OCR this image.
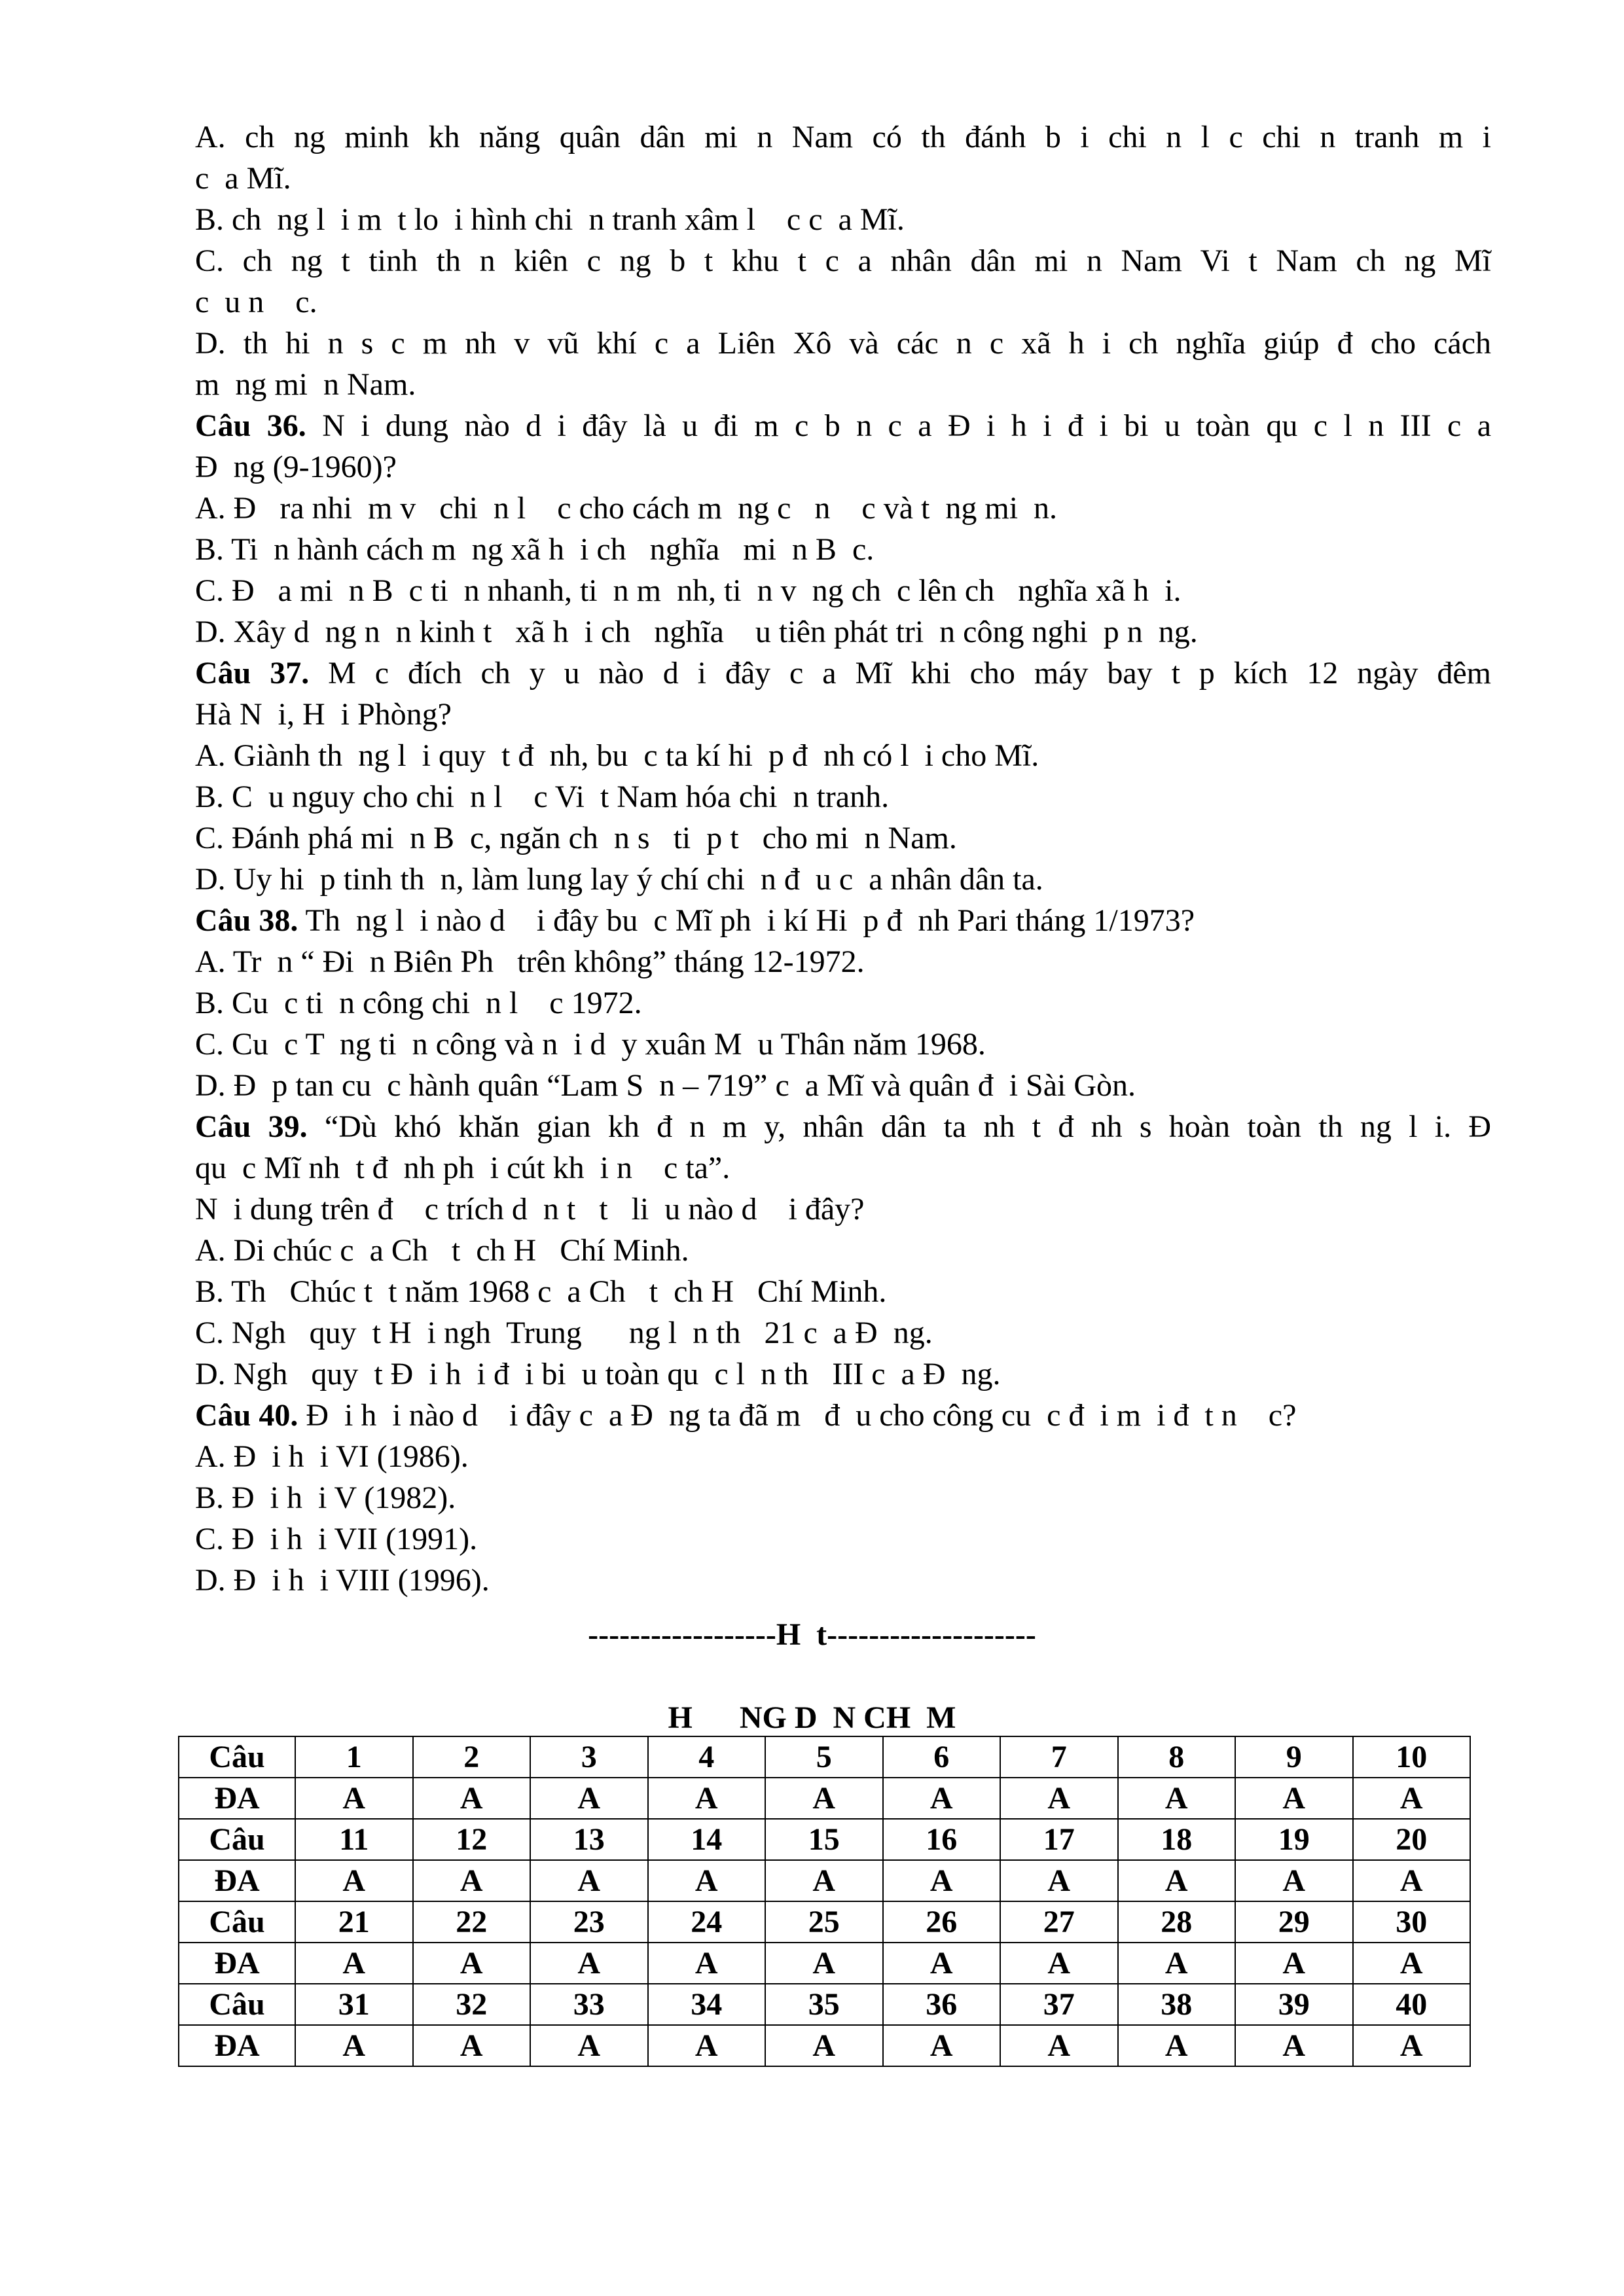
A. ch ng minh kh năng quân dân mi n Nam có th đánh b i chi n l c chi n tranh m i
c  a Mĩ.
B. ch  ng l  i m  t lo  i hình chi  n tranh xâm l    c c  a Mĩ.
C. ch ng t tinh th n kiên c ng b t khu t c a nhân dân mi n Nam Vi t Nam ch ng Mĩ
c  u n    c.
D. th hi n s c m nh v vũ khí c a Liên Xô và các n c xã h i ch nghĩa giúp đ cho cách
m  ng mi  n Nam.
Câu 36. N i dung nào d i đây là u đi m c b n c a Đ i h i đ i bi u toàn qu c l n III c a
Đ  ng (9-1960)?
A. Đ   ra nhi  m v   chi  n l    c cho cách m  ng c   n    c và t  ng mi  n.
B. Ti  n hành cách m  ng xã h  i ch   nghĩa   mi  n B  c.
C. Đ   a mi  n B  c ti  n nhanh, ti  n m  nh, ti  n v  ng ch  c lên ch   nghĩa xã h  i.
D. Xây d  ng n  n kinh t   xã h  i ch   nghĩa    u tiên phát tri  n công nghi  p n  ng.
Câu 37. M c đích ch y u nào d i đây c a Mĩ khi cho máy bay t p kích 12 ngày đêm
Hà N  i, H  i Phòng?
A. Giành th  ng l  i quy  t đ  nh, bu  c ta kí hi  p đ  nh có l  i cho Mĩ.
B. C  u nguy cho chi  n l    c Vi  t Nam hóa chi  n tranh.
C. Đánh phá mi  n B  c, ngăn ch  n s   ti  p t   cho mi  n Nam.
D. Uy hi  p tinh th  n, làm lung lay ý chí chi  n đ  u c  a nhân dân ta.
Câu 38. Th  ng l  i nào d    i đây bu  c Mĩ ph  i kí Hi  p đ  nh Pari tháng 1/1973?
A. Tr  n “ Đi  n Biên Ph   trên không” tháng 12-1972.
B. Cu  c ti  n công chi  n l    c 1972.
C. Cu  c T  ng ti  n công và n  i d  y xuân M  u Thân năm 1968.
D. Đ  p tan cu  c hành quân “Lam S  n – 719” c  a Mĩ và quân đ  i Sài Gòn.
Câu 39. “Dù khó khăn gian kh đ n m y, nhân dân ta nh t đ nh s hoàn toàn th ng l i. Đ
qu  c Mĩ nh  t đ  nh ph  i cút kh  i n    c ta”.
N  i dung trên đ    c trích d  n t   t   li  u nào d    i đây?
A. Di chúc c  a Ch   t  ch H   Chí Minh.
B. Th   Chúc t  t năm 1968 c  a Ch   t  ch H   Chí Minh.
C. Ngh   quy  t H  i ngh  Trung      ng l  n th   21 c  a Đ  ng.
D. Ngh   quy  t Đ  i h  i đ  i bi  u toàn qu  c l  n th   III c  a Đ  ng.
Câu 40. Đ  i h  i nào d    i đây c  a Đ  ng ta đã m   đ  u cho công cu  c đ  i m  i đ  t n    c?
A. Đ  i h  i VI (1986).
B. Đ  i h  i V (1982).
C. Đ  i h  i VII (1991).
D. Đ  i h  i VIII (1996).
------------------H  t--------------------
H      NG D  N CH  M
Câu	1	2	3	4	5	6	7	8	9	10
ĐA	A	A	A	A	A	A	A	A	A	A
Câu	11	12	13	14	15	16	17	18	19	20
ĐA	A	A	A	A	A	A	A	A	A	A
Câu	21	22	23	24	25	26	27	28	29	30
ĐA	A	A	A	A	A	A	A	A	A	A
Câu	31	32	33	34	35	36	37	38	39	40
ĐA	A	A	A	A	A	A	A	A	A	A
